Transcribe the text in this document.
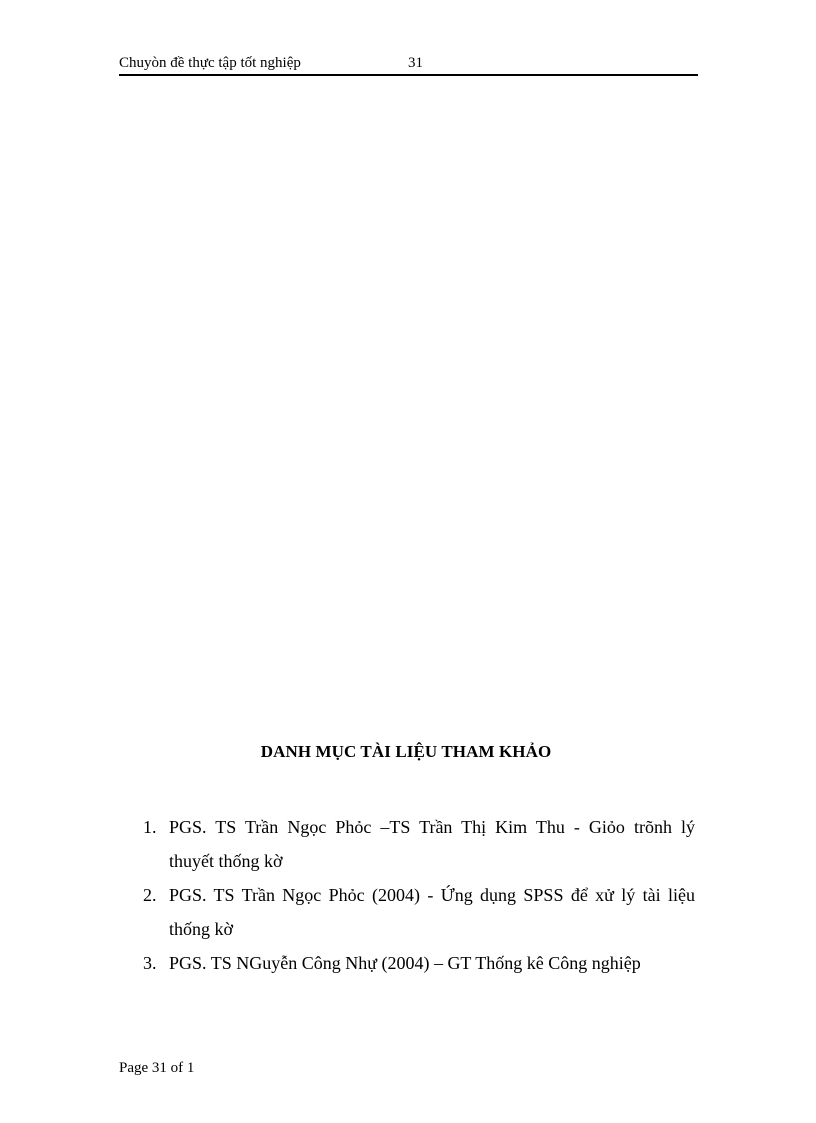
Chuyòn đề thực tập tốt nghiệp	31
DANH MỤC TÀI LIỆU THAM KHẢO
1. PGS. TS Trần Ngọc Phỏc –TS Trần Thị Kim Thu - Giỏo trõnh lý
thuyết thống kờ
2. PGS. TS Trần Ngọc Phỏc (2004) - Ứng dụng SPSS để xử lý tài liệu
thống kờ
3. PGS. TS NGuyễn Công Nhự (2004) – GT Thống kê Công nghiệp
Page 31 of 1
